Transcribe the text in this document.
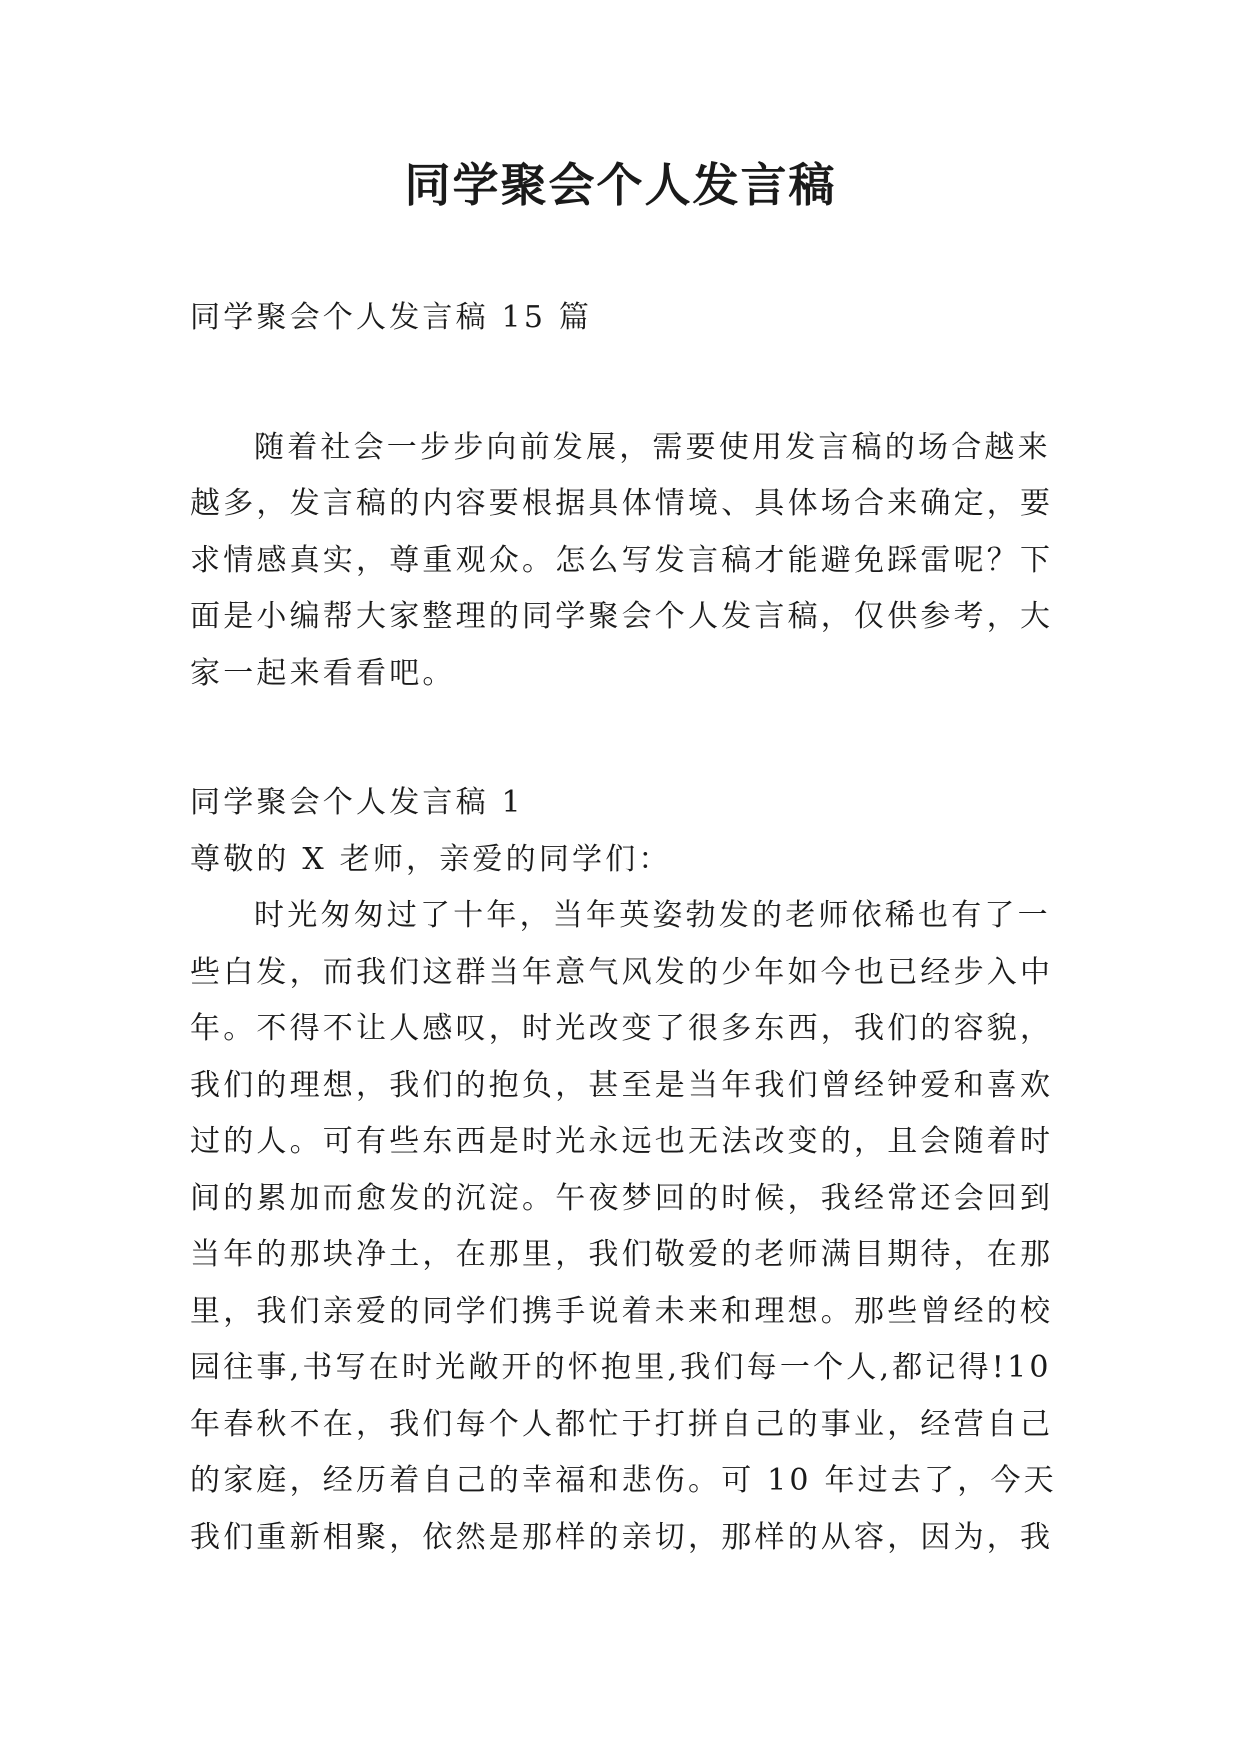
同学聚会个人发言稿

同学聚会个人发言稿 15 篇

随着社会一步步向前发展，需要使用发言稿的场合越来

越多，发言稿的内容要根据具体情境、具体场合来确定，要

求情感真实，尊重观众。怎么写发言稿才能避免踩雷呢？下

面是小编帮大家整理的同学聚会个人发言稿，仅供参考，大

家一起来看看吧。

同学聚会个人发言稿 1

尊敬的 X 老师，亲爱的同学们：

时光匆匆过了十年，当年英姿勃发的老师依稀也有了一

些白发，而我们这群当年意气风发的少年如今也已经步入中

年。不得不让人感叹，时光改变了很多东西，我们的容貌，

我们的理想，我们的抱负，甚至是当年我们曾经钟爱和喜欢

过的人。可有些东西是时光永远也无法改变的，且会随着时

间的累加而愈发的沉淀。午夜梦回的时候，我经常还会回到

当年的那块净土，在那里，我们敬爱的老师满目期待，在那

里，我们亲爱的同学们携手说着未来和理想。那些曾经的校

园往事,书写在时光敞开的怀抱里,我们每一个人,都记得!10

年春秋不在，我们每个人都忙于打拼自己的事业，经营自己

的家庭，经历着自己的幸福和悲伤。可 10 年过去了，今天

我们重新相聚，依然是那样的亲切，那样的从容，因为，我
